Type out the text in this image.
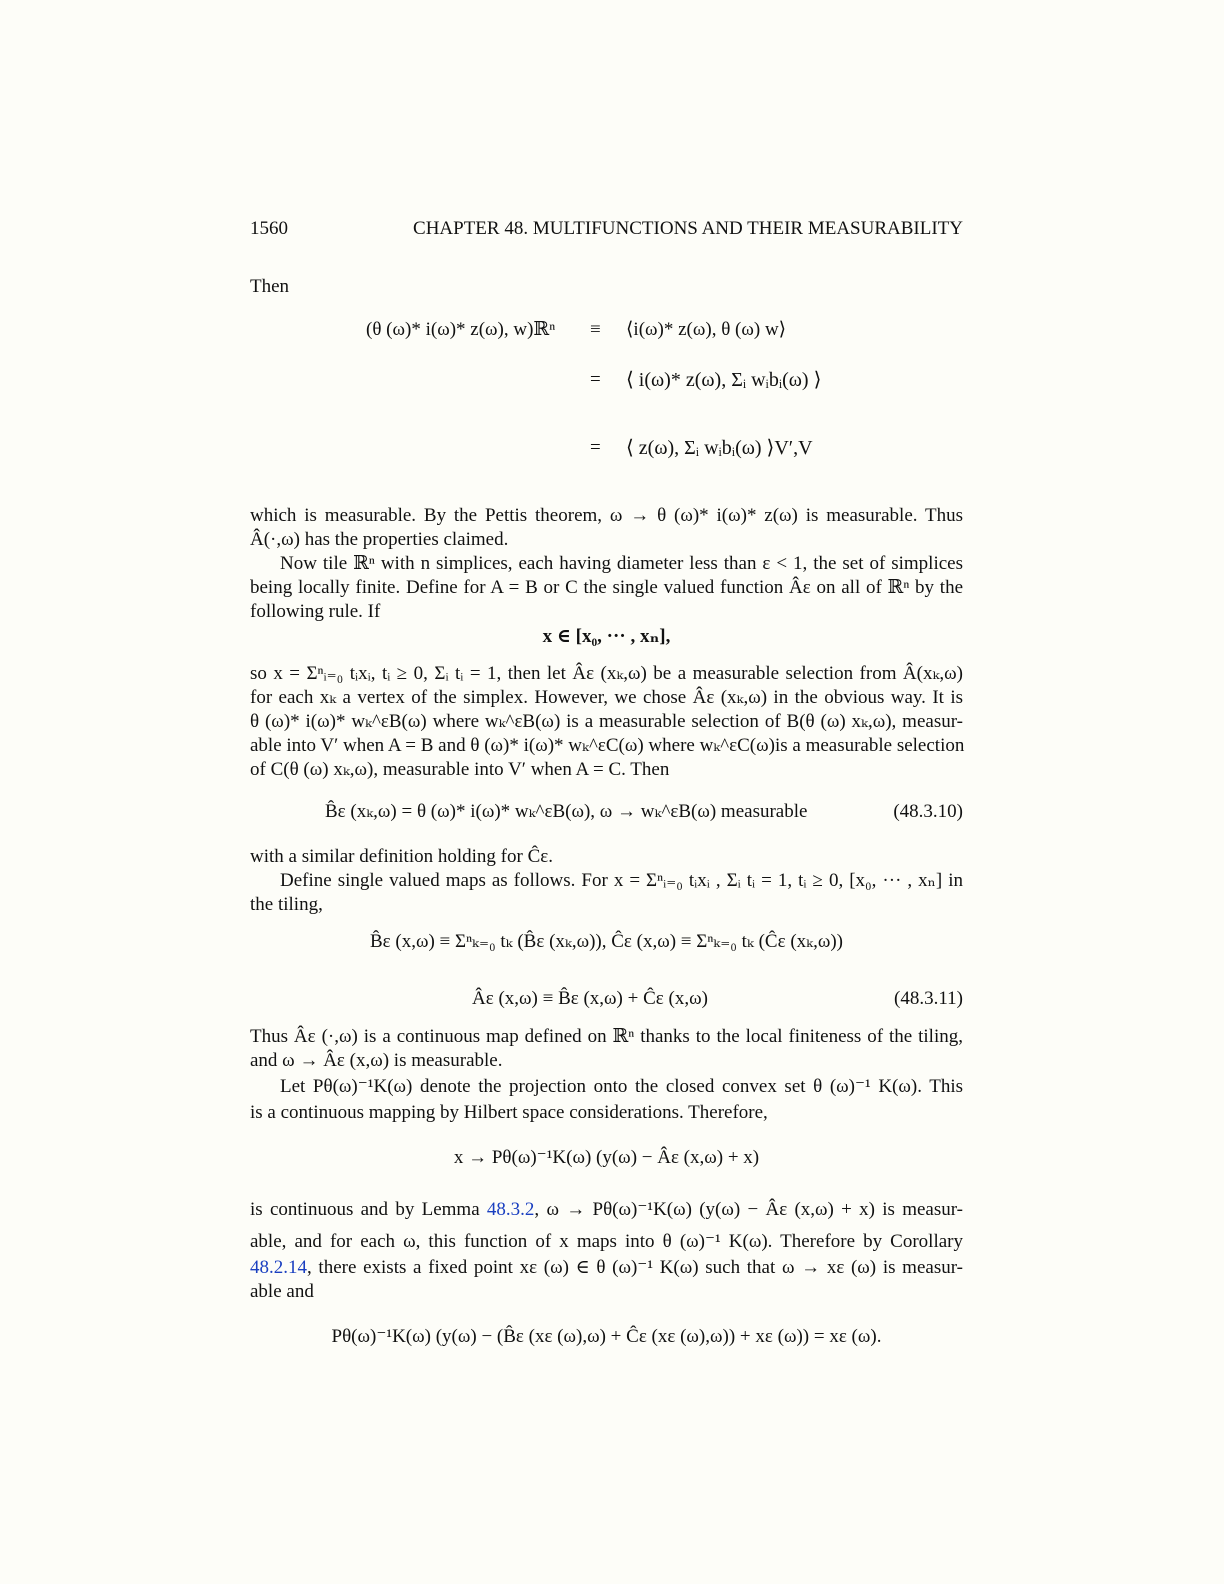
1560	CHAPTER 48. MULTIFUNCTIONS AND THEIR MEASURABILITY
Then
(θ (ω)* i(ω)* z(ω), w)ℝⁿ	≡	⟨i(ω)* z(ω), θ (ω) w⟩
=	⟨ i(ω)* z(ω), Σᵢ wᵢbᵢ(ω) ⟩
=	⟨ z(ω), Σᵢ wᵢbᵢ(ω) ⟩V′,V
which is measurable. By the Pettis theorem, ω → θ (ω)* i(ω)* z(ω) is measurable. Thus
Â(·,ω) has the properties claimed.
Now tile ℝⁿ with n simplices, each having diameter less than ε < 1, the set of simplices
being locally finite. Define for A = B or C the single valued function Âε on all of ℝⁿ by the
following rule. If
x ∈ [x₀, ··· , xₙ],
so x = Σⁿᵢ₌₀ tᵢxᵢ, tᵢ ≥ 0, Σᵢ tᵢ = 1, then let Âε (xₖ,ω) be a measurable selection from Â(xₖ,ω)
for each xₖ a vertex of the simplex. However, we chose Âε (xₖ,ω) in the obvious way. It is
θ (ω)* i(ω)* wₖ^εB(ω) where wₖ^εB(ω) is a measurable selection of B(θ (ω) xₖ,ω), measur-
able into V′ when A = B and θ (ω)* i(ω)* wₖ^εC(ω) where wₖ^εC(ω)is a measurable selection
of C(θ (ω) xₖ,ω), measurable into V′ when A = C. Then
B̂ε (xₖ,ω) = θ (ω)* i(ω)* wₖ^εB(ω), ω → wₖ^εB(ω) measurable	(48.3.10)
with a similar definition holding for Ĉε.
Define single valued maps as follows. For x = Σⁿᵢ₌₀ tᵢxᵢ , Σᵢ tᵢ = 1, tᵢ ≥ 0, [x₀, ··· , xₙ] in
the tiling,
B̂ε (x,ω) ≡ Σⁿₖ₌₀ tₖ (B̂ε (xₖ,ω)), Ĉε (x,ω) ≡ Σⁿₖ₌₀ tₖ (Ĉε (xₖ,ω))
Âε (x,ω) ≡ B̂ε (x,ω) + Ĉε (x,ω)	(48.3.11)
Thus Âε (·,ω) is a continuous map defined on ℝⁿ thanks to the local finiteness of the tiling,
and ω → Âε (x,ω) is measurable.
Let Pθ(ω)⁻¹K(ω) denote the projection onto the closed convex set θ (ω)⁻¹ K(ω). This
is a continuous mapping by Hilbert space considerations. Therefore,
x → Pθ(ω)⁻¹K(ω) (y(ω) − Âε (x,ω) + x)
is continuous and by Lemma 48.3.2, ω → Pθ(ω)⁻¹K(ω) (y(ω) − Âε (x,ω) + x) is measur-
able, and for each ω, this function of x maps into θ (ω)⁻¹ K(ω). Therefore by Corollary
48.2.14, there exists a fixed point xε (ω) ∈ θ (ω)⁻¹ K(ω) such that ω → xε (ω) is measur-
able and
Pθ(ω)⁻¹K(ω) (y(ω) − (B̂ε (xε (ω),ω) + Ĉε (xε (ω),ω)) + xε (ω)) = xε (ω).
